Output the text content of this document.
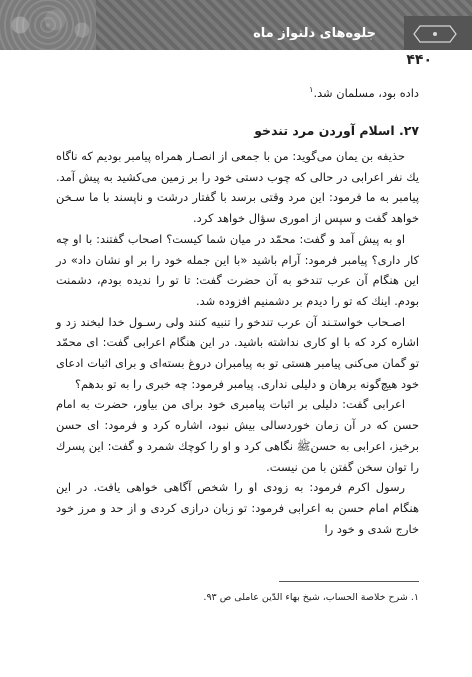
جلوه‌های دلنواز ماه
۴۴۰
داده بود، مسلمان شد.$^۱$
۲۷. اسلام آوردن مرد تندخو

حذیفه بن یمان می‌گوید: من با جمعی از انصـار همراه پیامبر بودیم که ناگاه یك نفر اعرابی در حالی که چوب دستی خود را بر زمین می‌کشید به پیش آمد. پیامبر به ما فرمود: این مرد وقتی برسد با گفتار درشت و ناپسند با ما سـخن خواهد گفت و سپس از اموری سؤال خواهد کرد.

او به پیش آمد و گفت: محمّد در میان شما کیست؟ اصحاب گفتند: با او چه کار داری؟ پیامبر فرمود: آرام باشید «با این جمله خود را بر او نشان داد» در این هنگام آن عرب تندخو به آن حضرت گفت: تا تو را ندیده بودم، دشمنت بودم. اینك که تو را دیدم بر دشمنیم افزوده شد.

اصـحاب خواستـند آن عرب تندخو را تنبیه کنند ولی رسـول خدا لبخند زد و اشاره کرد که با او کاری نداشته باشید. در این هنگام اعرابی گفت: ای محمّد تو گمان می‌کنی پیامبر هستی تو به پیامبران دروغ بسته‌ای و برای اثبات ادعای خود هیچ‌گونه برهان و دلیلی نداری. پیامبر فرمود: چه خبری را به تو بدهم؟

اعرابی گفت: دلیلی بر اثبات پیامبری خود برای من بیاور، حضرت به امام حسن که در آن زمان خوردسالی بیش نبود، اشاره کرد و فرمود: ای حسن برخیز، اعرابی به حسنﷺ نگاهی کرد و او را کوچك شمرد و گفت: این پسرك را توان سخن گفتن با من نیست.

رسول اکرم فرمود: به زودی او را شخص آگاهی خواهی یافت. در این هنگام امام حسن به اعرابی فرمود: تو زبان درازی کردی و از حد و مرز خود خارج شدی و خود را

۱. شرح خلاصة الحساب، شیخ بهاء الدّین عاملی ص ۹۳.
